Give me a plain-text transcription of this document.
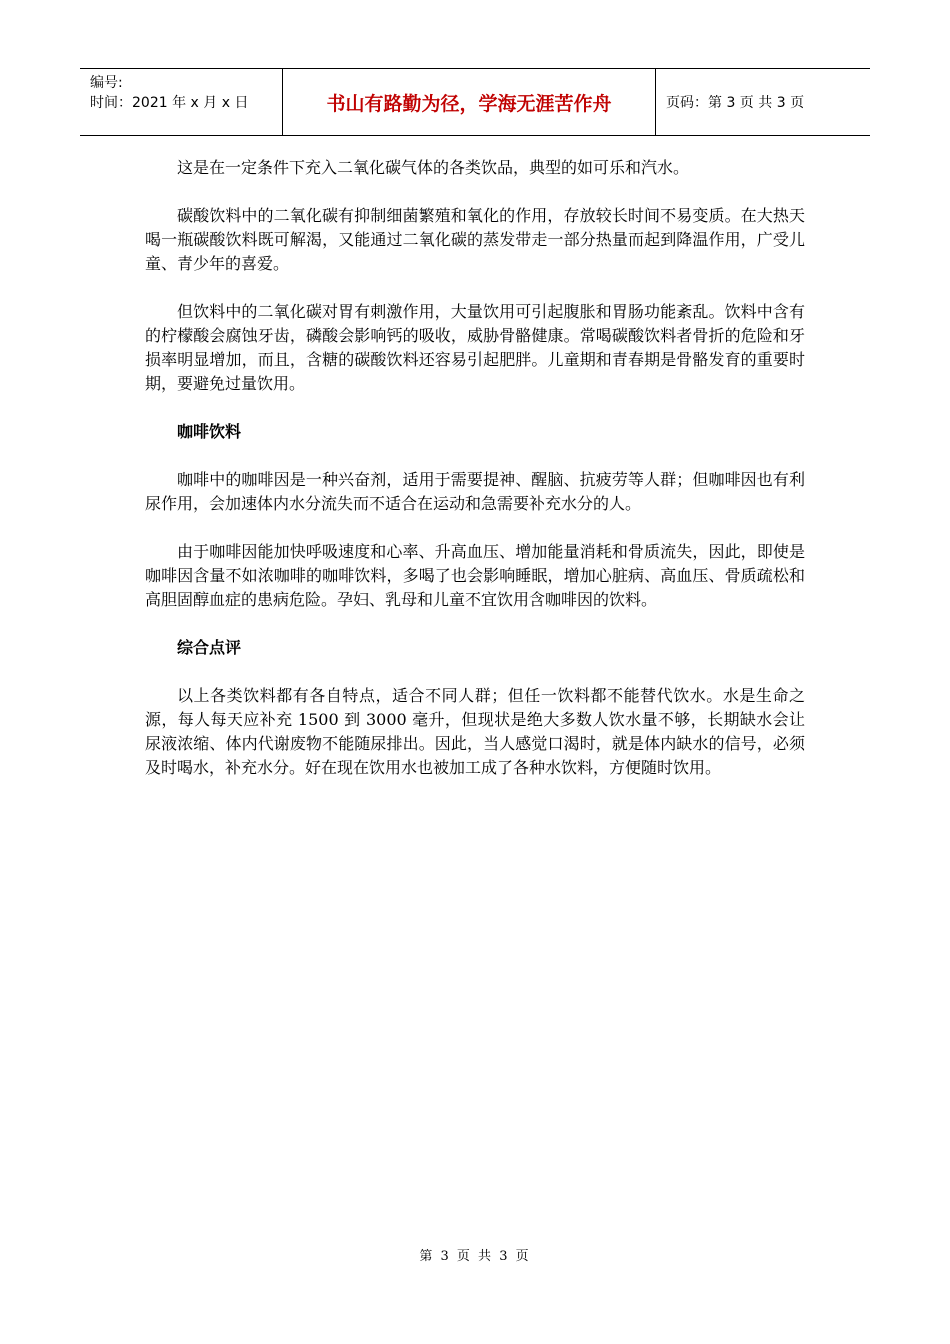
编号:
时间：2021 年 x 月 x 日	书山有路勤为径，学海无涯苦作舟	页码：第 3 页 共 3 页

这是在一定条件下充入二氧化碳气体的各类饮品，典型的如可乐和汽水。

碳酸饮料中的二氧化碳有抑制细菌繁殖和氧化的作用，存放较长时间不易变质。在大热天喝一瓶碳酸饮料既可解渴，又能通过二氧化碳的蒸发带走一部分热量而起到降温作用，广受儿童、青少年的喜爱。

但饮料中的二氧化碳对胃有刺激作用，大量饮用可引起腹胀和胃肠功能紊乱。饮料中含有的柠檬酸会腐蚀牙齿，磷酸会影响钙的吸收，威胁骨骼健康。常喝碳酸饮料者骨折的危险和牙损率明显增加，而且，含糖的碳酸饮料还容易引起肥胖。儿童期和青春期是骨骼发育的重要时期，要避免过量饮用。

咖啡饮料

咖啡中的咖啡因是一种兴奋剂，适用于需要提神、醒脑、抗疲劳等人群；但咖啡因也有利尿作用，会加速体内水分流失而不适合在运动和急需要补充水分的人。

由于咖啡因能加快呼吸速度和心率、升高血压、增加能量消耗和骨质流失，因此，即使是咖啡因含量不如浓咖啡的咖啡饮料，多喝了也会影响睡眠，增加心脏病、高血压、骨质疏松和高胆固醇血症的患病危险。孕妇、乳母和儿童不宜饮用含咖啡因的饮料。

综合点评

以上各类饮料都有各自特点，适合不同人群；但任一饮料都不能替代饮水。水是生命之源，每人每天应补充 1500 到 3000 毫升，但现状是绝大多数人饮水量不够，长期缺水会让尿液浓缩、体内代谢废物不能随尿排出。因此，当人感觉口渴时，就是体内缺水的信号，必须及时喝水，补充水分。好在现在饮用水也被加工成了各种水饮料，方便随时饮用。

第 3 页 共 3 页
